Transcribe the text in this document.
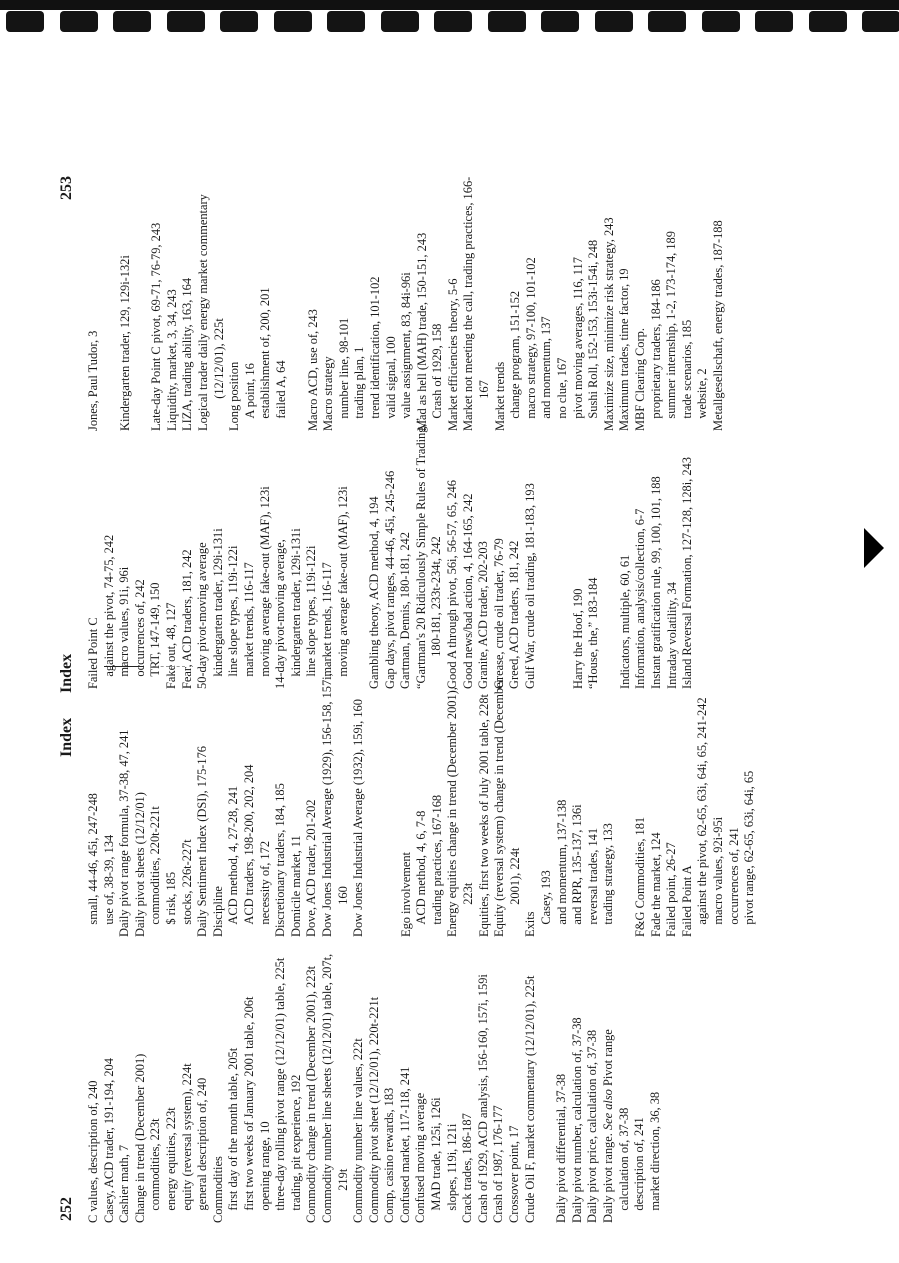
252
Index
C values, description of, 240 Casey, ACD trader, 191-194, 204 Cashier math, 7 Change in trend (December 2001) commodities, 223t energy equities, 223t equity (reversal system), 224t general description of, 240 Commodities first day of the month table, 205t first two weeks of January 2001 table, 206t opening range, 10 three-day rolling pivot range (12/12/01) table, 225t trading, pit experience, 192 Commodity change in trend (December 2001), 223t Commodity number line sheets (12/12/01) table, 207t, 219t Commodity number line values, 222t Commodity pivot sheet (12/12/01), 220t-221t Comp, casino rewards, 183 Confused market, 117-118, 241 Confused moving average MAD trade, 125i, 126i slopes, 119i, 121i Crack trades, 186-187 Crash of 1929, ACD analysis, 156-160, 157i, 159i Crash of 1987, 176-177 Crossover point, 17 Crude Oil F, market commentary (12/12/01), 225t Daily pivot differential, 37-38 Daily pivot number, calculation of, 37-38 Daily pivot price, calculation of, 37-38 Daily pivot range. See also Pivot range
calculation of, 37-38 description of, 241 market direction, 36, 38
small, 44-46, 45i, 247-248 use of, 38-39, 134 Daily pivot range formula, 37-38, 47, 241 Daily pivot sheets (12/12/01) commodities, 220t-221t $ risk, 185 stocks, 226t-227t Daily Sentiment Index (DSI), 175-176 Discipline ACD method, 4, 27-28, 241 ACD traders, 198-200, 202, 204 necessity of, 172 Discretionary traders, 184, 185 Domicile market, 11 Dove, ACD trader, 201-202 Dow Jones Industrial Average (1929), 156-158, 157i, 160 Dow Jones Industrial Average (1932), 159i, 160	Ego involvement ACD method, 4, 6, 7-8 trading practices, 167-168 Energy equities change in trend (December 2001), 223t Equities, first two weeks of July 2001 table, 228t Equity (reversal system) change in trend (December 2001), 224t
Exits Casey, 193 and momentum, 137-138 and RPR, 135-137, 136i reversal trades, 141 trading strategy, 133 F&G Commodities, 181 Fade the market, 124 Failed point, 26-27 Failed Point A against the pivot, 62-65, 63i, 64i, 65, 241-242 macro values, 92i-95i occurrences of, 241 pivot range, 62-65, 63i, 64i, 65
Index
253
Failed Point C against the pivot, 74-75, 242 macro values, 91i, 96i occurrences of, 242 TRT, 147-149, 150 Fake out, 48, 127 Fear, ACD traders, 181, 242 50-day pivot-moving average kindergarten trader, 129i-131i line slope types, 119i-122i market trends, 116-117 moving average fake-out (MAF), 123i 14-day pivot-moving average, kindergarten trader, 129i-131i line slope types, 119i-122i market trends, 116-117 moving average fake-out (MAF), 123i Gambling theory, ACD method, 4, 194 Gap days, pivot ranges, 44-46, 45i, 245-246 Gartman, Dennis, 180-181, 242 “Gartman's 20 Ridiculously Simple Rules of Trading,” 180-181, 233t-234t, 242 Good A through pivot, 56i, 56-57, 65, 246 Good news/bad action, 4, 164-165, 242 Granite, ACD trader, 202-203 Grease, crude oil trader, 76-79 Greed, ACD traders, 181, 242 Gulf War, crude oil trading, 181-183, 193	Harry the Hoof, 190 “House, the,” 183-184 Indicators, multiple, 60, 61 Information, analysis/collection, 6-7 Instant gratification rule, 99, 100, 101, 188 Intraday volatility, 34 Island Reversal Formation, 127-128, 128i, 243
Jones, Paul Tudor, 3 Kindergarten trader, 129, 129i-132i Late-day Point C pivot, 69-71, 76-79, 243 Liquidity, market, 3, 34, 243 LIZA, trading ability, 163, 164 Logical trader daily energy market commentary (12/12/01), 225t Long position A point, 16 establishment of, 200, 201 failed A, 64 Macro ACD, use of, 243 Macro strategy number line, 98-101 trading plan, 1 trend identification, 101-102 valid signal, 100 value assignment, 83, 84i-96i Mad as hell (MAH) trade, 150-151, 243 Crash of 1929, 158 Market efficiencies theory, 5-6 Market not meeting the call, trading practices, 166-167 Market trends change program, 151-152 macro strategy, 97-100, 101-102 and momentum, 137 no clue, 167 pivot moving averages, 116, 117 Sushi Roll, 152-153, 153i-154i, 248 Maximize size, minimize risk strategy, 243 Maximum trades, time factor, 19 MBF Clearing Corp. proprietary traders, 184-186 summer internship, 1-2, 173-174, 189 trade scenarios, 185 website, 2 Metallgesellschaft, energy trades, 187-188
